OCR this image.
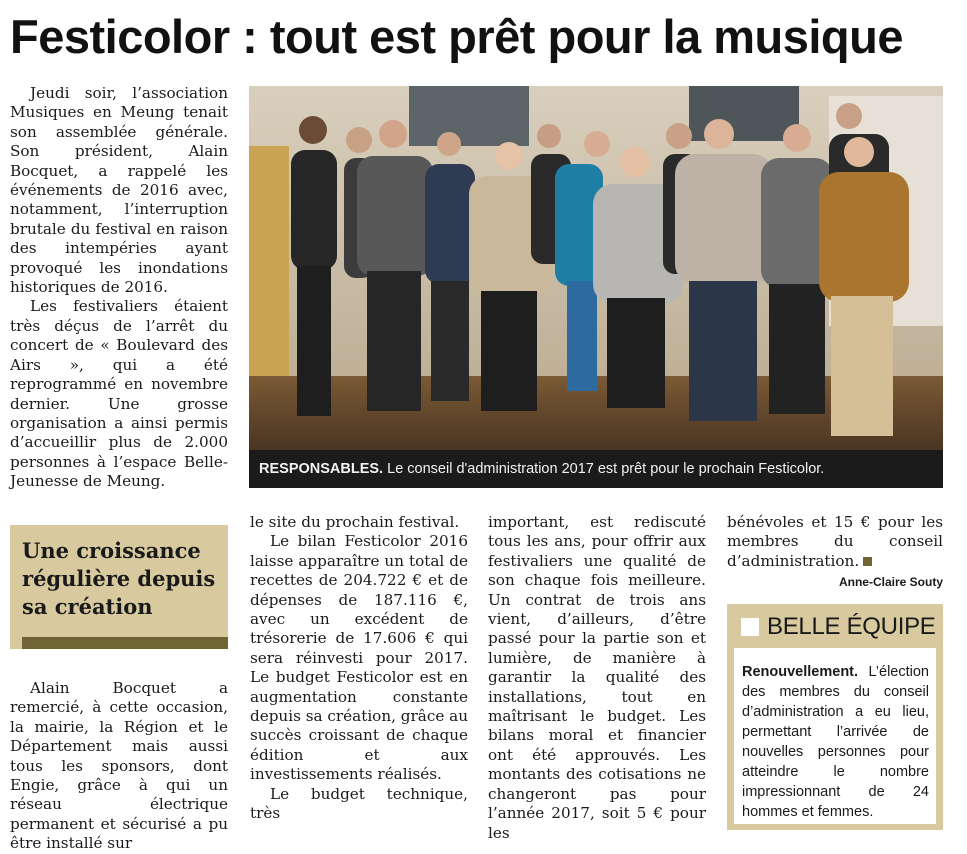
Festicolor : tout est prêt pour la musique

Jeudi soir, l’association Musiques en Meung tenait son assemblée générale. Son président, Alain Bocquet, a rappelé les événements de 2016 avec, notamment, l’interruption brutale du festival en raison des intempéries ayant provoqué les inondations historiques de 2016.

Les festivaliers étaient très déçus de l’arrêt du concert de « Boulevard des Airs », qui a été reprogrammé en novembre dernier. Une grosse organisation a ainsi permis d’accueillir plus de 2.000 personnes à l’espace Belle-Jeunesse de Meung.

Une croissance régulière depuis sa création

Alain Bocquet a remercié, à cette occasion, la mairie, la Région et le Département mais aussi tous les sponsors, dont Engie, grâce à qui un réseau électrique permanent et sécurisé a pu être installé sur

RESPONSABLES. Le conseil d'administration 2017 est prêt pour le prochain Festicolor.

le site du prochain festival.

Le bilan Festicolor 2016 laisse apparaître un total de recettes de 204.722 € et de dépenses de 187.116 €, avec un excédent de trésorerie de 17.606 € qui sera réinvesti pour 2017. Le budget Festicolor est en augmentation constante depuis sa création, grâce au succès croissant de chaque édition et aux investissements réalisés.

Le budget technique, très

important, est rediscuté tous les ans, pour offrir aux festivaliers une qualité de son chaque fois meilleure. Un contrat de trois ans vient, d’ailleurs, d’être passé pour la partie son et lumière, de manière à garantir la qualité des installations, tout en maîtrisant le budget. Les bilans moral et financier ont été approuvés. Les montants des cotisations ne changeront pas pour l’année 2017, soit 5 € pour les

bénévoles et 15 € pour les membres du conseil d’administration.

Anne-Claire Souty
BELLE ÉQUIPE

Renouvellement. L’élection des membres du conseil d’administration a eu lieu, permettant l’arrivée de nouvelles personnes pour atteindre le nombre impressionnant de 24 hommes et femmes.
